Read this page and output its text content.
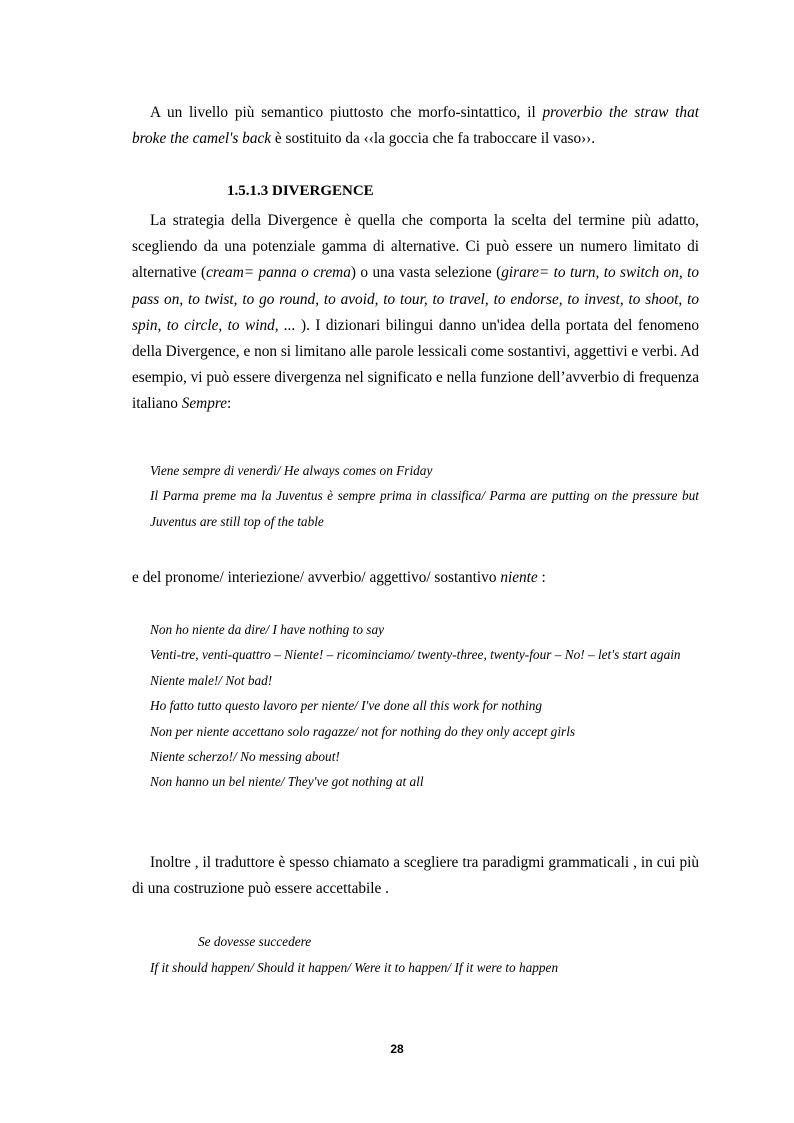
A un livello più semantico piuttosto che morfo-sintattico, il proverbio the straw that broke the camel's back è sostituito da ‹‹la goccia che fa traboccare il vaso››.

1.5.1.3 DIVERGENCE

La strategia della Divergence è quella che comporta la scelta del termine più adatto, scegliendo da una potenziale gamma di alternative. Ci può essere un numero limitato di alternative (cream= panna o crema) o una vasta selezione (girare= to turn, to switch on, to pass on, to twist, to go round, to avoid, to tour, to travel, to endorse, to invest, to shoot, to spin, to circle, to wind, ... ). I dizionari bilingui danno un'idea della portata del fenomeno della Divergence, e non si limitano alle parole lessicali come sostantivi, aggettivi e verbi. Ad esempio, vi può essere divergenza nel significato e nella funzione dell’avverbio di frequenza italiano Sempre:

Viene sempre di venerdì/ He always comes on Friday

Il Parma preme ma la Juventus è sempre prima in classifica/ Parma are putting on the pressure but Juventus are still top of the table

e del pronome/ interiezione/ avverbio/ aggettivo/ sostantivo niente :

Non ho niente da dire/ I have nothing to say

Venti-tre, venti-quattro – Niente! – ricominciamo/ twenty-three, twenty-four – No! – let's start again

Niente male!/ Not bad!

Ho fatto tutto questo lavoro per niente/ I've done all this work for nothing

Non per niente accettano solo ragazze/ not for nothing do they only accept girls

Niente scherzo!/ No messing about!

Non hanno un bel niente/ They've got nothing at all

Inoltre , il traduttore è spesso chiamato a scegliere tra paradigmi grammaticali , in cui più di una costruzione può essere accettabile .

Se dovesse succedere

If it should happen/ Should it happen/ Were it to happen/ If it were to happen

28
